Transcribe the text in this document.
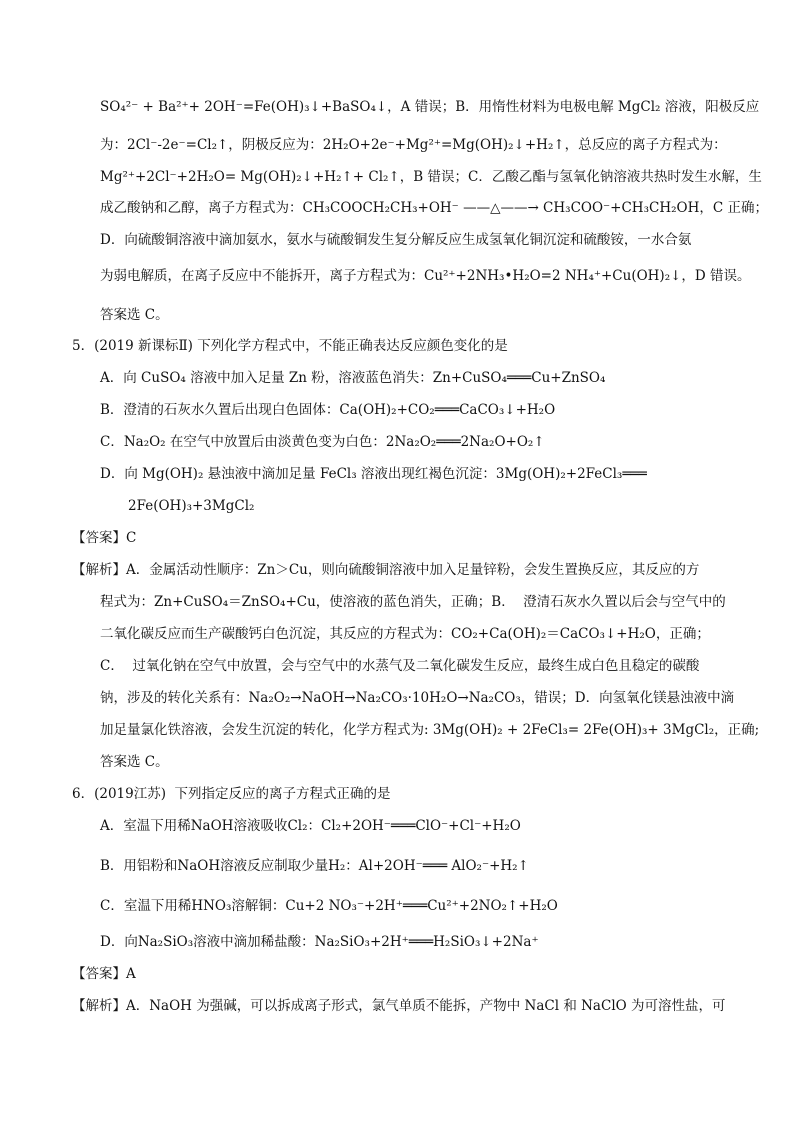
SO₄²⁻ + Ba²⁺+ 2OH⁻=Fe(OH)₃↓+BaSO₄↓，A 错误；B．用惰性材料为电极电解 MgCl₂ 溶液，阳极反应
为：2Cl⁻-2e⁻=Cl₂↑，阴极反应为：2H₂O+2e⁻+Mg²⁺=Mg(OH)₂↓+H₂↑，总反应的离子方程式为：
Mg²⁺+2Cl⁻+2H₂O= Mg(OH)₂↓+H₂↑+ Cl₂↑，B 错误；C．乙酸乙酯与氢氧化钠溶液共热时发生水解，生
成乙酸钠和乙醇，离子方程式为：CH₃COOCH₂CH₃+OH⁻ ——△——→ CH₃COO⁻+CH₃CH₂OH，C 正确；
D．向硫酸铜溶液中滴加氨水，氨水与硫酸铜发生复分解反应生成氢氧化铜沉淀和硫酸铵，一水合氨
为弱电解质，在离子反应中不能拆开，离子方程式为：Cu²⁺+2NH₃•H₂O=2 NH₄⁺+Cu(OH)₂↓，D 错误。
答案选 C。
5．(2019 新课标Ⅱ) 下列化学方程式中，不能正确表达反应颜色变化的是
A．向 CuSO₄ 溶液中加入足量 Zn 粉，溶液蓝色消失：Zn+CuSO₄═══Cu+ZnSO₄
B．澄清的石灰水久置后出现白色固体：Ca(OH)₂+CO₂═══CaCO₃↓+H₂O
C．Na₂O₂ 在空气中放置后由淡黄色变为白色：2Na₂O₂═══2Na₂O+O₂↑
D．向 Mg(OH)₂ 悬浊液中滴加足量 FeCl₃ 溶液出现红褐色沉淀：3Mg(OH)₂+2FeCl₃═══
2Fe(OH)₃+3MgCl₂
【答案】C
【解析】A．金属活动性顺序：Zn＞Cu，则向硫酸铜溶液中加入足量锌粉，会发生置换反应，其反应的方
程式为：Zn+CuSO₄＝ZnSO₄+Cu，使溶液的蓝色消失，正确；B．  澄清石灰水久置以后会与空气中的
二氧化碳反应而生产碳酸钙白色沉淀，其反应的方程式为：CO₂+Ca(OH)₂＝CaCO₃↓+H₂O，正确；
C．  过氧化钠在空气中放置，会与空气中的水蒸气及二氧化碳发生反应，最终生成白色且稳定的碳酸
钠，涉及的转化关系有：Na₂O₂→NaOH→Na₂CO₃·10H₂O→Na₂CO₃，错误；D．向氢氧化镁悬浊液中滴
加足量氯化铁溶液，会发生沉淀的转化，化学方程式为: 3Mg(OH)₂ + 2FeCl₃= 2Fe(OH)₃+ 3MgCl₂，正确;
答案选 C。
6．(2019江苏)  下列指定反应的离子方程式正确的是
A．室温下用稀NaOH溶液吸收Cl₂：Cl₂+2OH⁻═══ClO⁻+Cl⁻+H₂O
B．用铝粉和NaOH溶液反应制取少量H₂：Al+2OH⁻═══ AlO₂⁻+H₂↑
C．室温下用稀HNO₃溶解铜：Cu+2 NO₃⁻+2H⁺═══Cu²⁺+2NO₂↑+H₂O
D．向Na₂SiO₃溶液中滴加稀盐酸：Na₂SiO₃+2H⁺═══H₂SiO₃↓+2Na⁺
【答案】A
【解析】A．NaOH 为强碱，可以拆成离子形式，氯气单质不能拆，产物中 NaCl 和 NaClO 为可溶性盐，可
